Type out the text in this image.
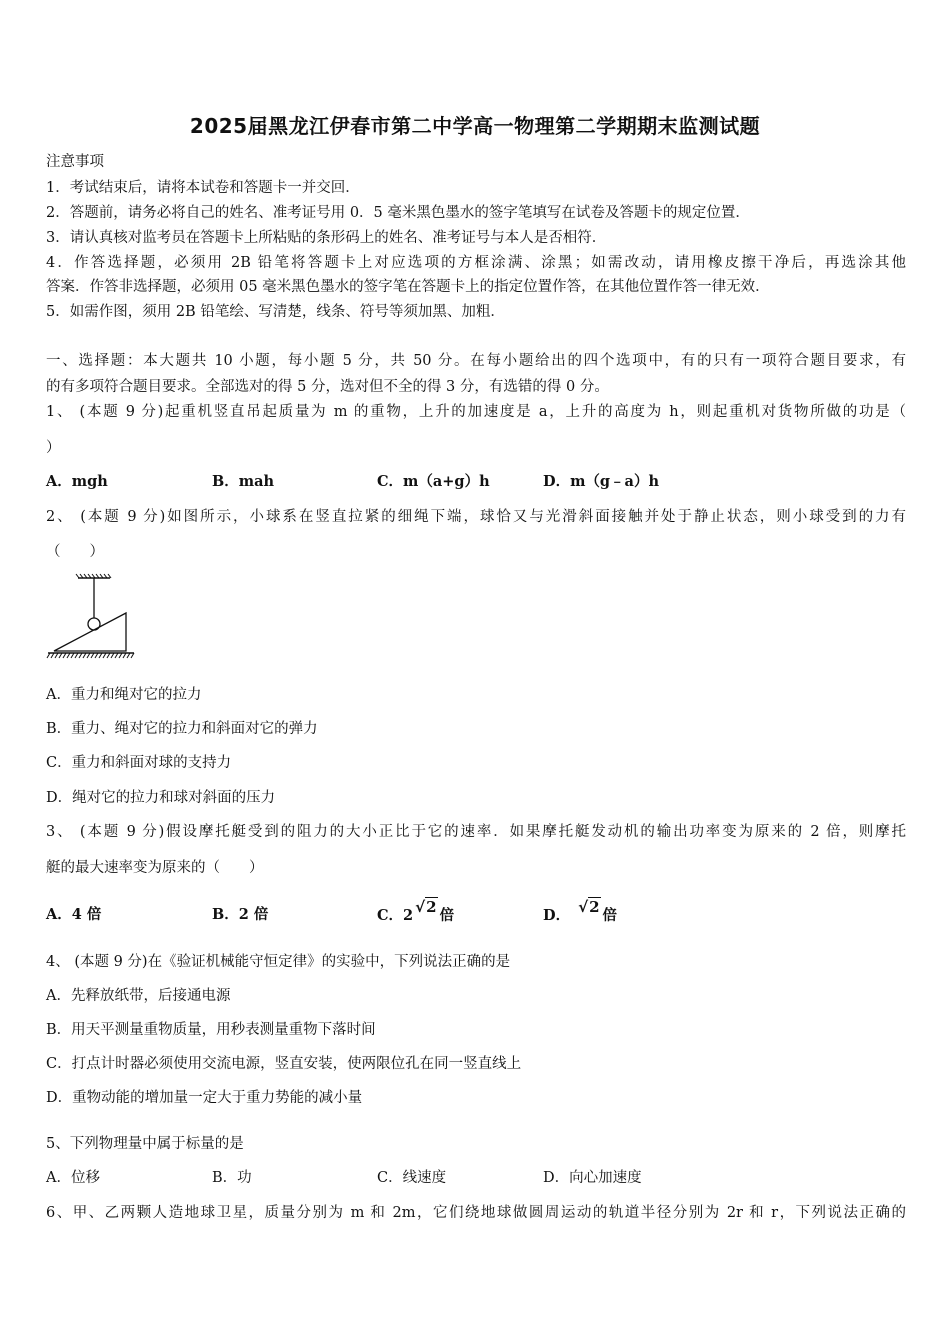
2025届黑龙江伊春市第二中学高一物理第二学期期末监测试题
注意事项
1．考试结束后，请将本试卷和答题卡一并交回．
2．答题前，请务必将自己的姓名、准考证号用 0．5 毫米黑色墨水的签字笔填写在试卷及答题卡的规定位置．
3．请认真核对监考员在答题卡上所粘贴的条形码上的姓名、准考证号与本人是否相符．
4．作答选择题，必须用 2B 铅笔将答题卡上对应选项的方框涂满、涂黑；如需改动，请用橡皮擦干净后，再选涂其他
答案．作答非选择题，必须用 05 毫米黑色墨水的签字笔在答题卡上的指定位置作答，在其他位置作答一律无效．
5．如需作图，须用 2B 铅笔绘、写清楚，线条、符号等须加黑、加粗．
一、选择题：本大题共 10 小题，每小题 5 分，共 50 分。在每小题给出的四个选项中，有的只有一项符合题目要求，有
的有多项符合题目要求。全部选对的得 5 分，选对但不全的得 3 分，有选错的得 0 分。
1、 (本题 9 分)起重机竖直吊起质量为 m 的重物，上升的加速度是 a，上升的高度为 h，则起重机对货物所做的功是（
）
A．mgh	B．mah	C．m（a+g）h	D．m（g﹣a）h
2、 (本题 9 分)如图所示，小球系在竖直拉紧的细绳下端，球恰又与光滑斜面接触并处于静止状态，则小球受到的力有
（　　）
A．重力和绳对它的拉力
B．重力、绳对它的拉力和斜面对它的弹力
C．重力和斜面对球的支持力
D．绳对它的拉力和球对斜面的压力
3、 (本题 9 分)假设摩托艇受到的阻力的大小正比于它的速率．如果摩托艇发动机的输出功率变为原来的 2 倍，则摩托
艇的最大速率变为原来的（　　）
A．4 倍	B．2 倍	C．2 √2 倍	D． √2 倍
4、 (本题 9 分)在《验证机械能守恒定律》的实验中，下列说法正确的是
A．先释放纸带，后接通电源
B．用天平测量重物质量，用秒表测量重物下落时间
C．打点计时器必须使用交流电源，竖直安装，使两限位孔在同一竖直线上
D．重物动能的增加量一定大于重力势能的减小量
5、下列物理量中属于标量的是
A．位移	B．功	C．线速度	D．向心加速度
6、甲、乙两颗人造地球卫星，质量分别为 m 和 2m，它们绕地球做圆周运动的轨道半径分别为 2r 和 r，下列说法正确的
